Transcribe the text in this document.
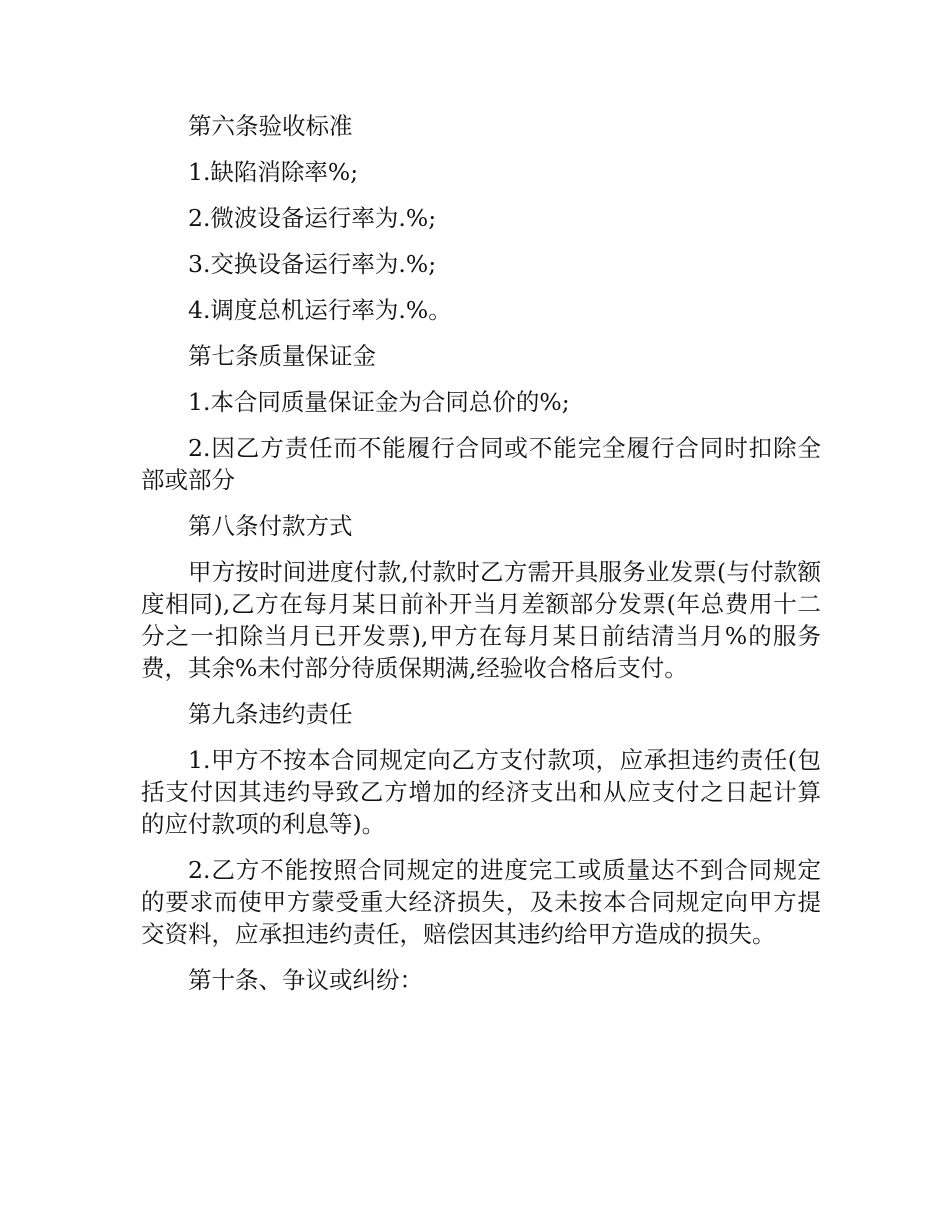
第六条验收标准

1.缺陷消除率%;

2.微波设备运行率为.%;

3.交换设备运行率为.%;

4.调度总机运行率为.%。

第七条质量保证金

1.本合同质量保证金为合同总价的%;

2.因乙方责任而不能履行合同或不能完全履行合同时扣除全部或部分

第八条付款方式

甲方按时间进度付款,付款时乙方需开具服务业发票(与付款额度相同),乙方在每月某日前补开当月差额部分发票(年总费用十二分之一扣除当月已开发票),甲方在每月某日前结清当月%的服务费，其余%未付部分待质保期满,经验收合格后支付。

第九条违约责任

1.甲方不按本合同规定向乙方支付款项，应承担违约责任(包括支付因其违约导致乙方增加的经济支出和从应支付之日起计算的应付款项的利息等)。

2.乙方不能按照合同规定的进度完工或质量达不到合同规定的要求而使甲方蒙受重大经济损失，及未按本合同规定向甲方提交资料，应承担违约责任，赔偿因其违约给甲方造成的损失。

第十条、争议或纠纷：
